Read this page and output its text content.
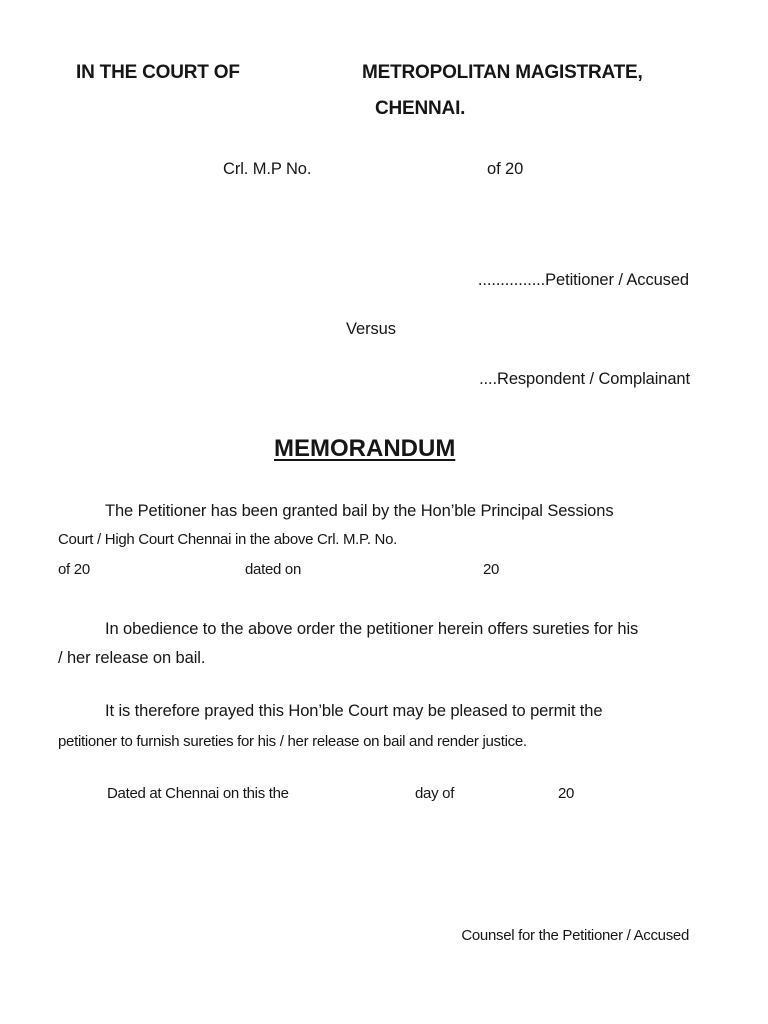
IN THE COURT OF	METROPOLITAN MAGISTRATE,
CHENNAI.
Crl. M.P No.	of 20
...............Petitioner / Accused
Versus
....Respondent / Complainant
MEMORANDUM
The Petitioner has been granted bail by the Hon’ble Principal Sessions
Court / High Court Chennai in the above Crl. M.P. No.
of 20	dated on	20
In obedience to the above order the petitioner herein offers sureties for his
/ her release on bail.
It is therefore prayed this Hon’ble Court may be pleased to permit the
petitioner to furnish sureties for his / her release on bail and render justice.
Dated at Chennai on this the	day of	20
Counsel for the Petitioner / Accused
